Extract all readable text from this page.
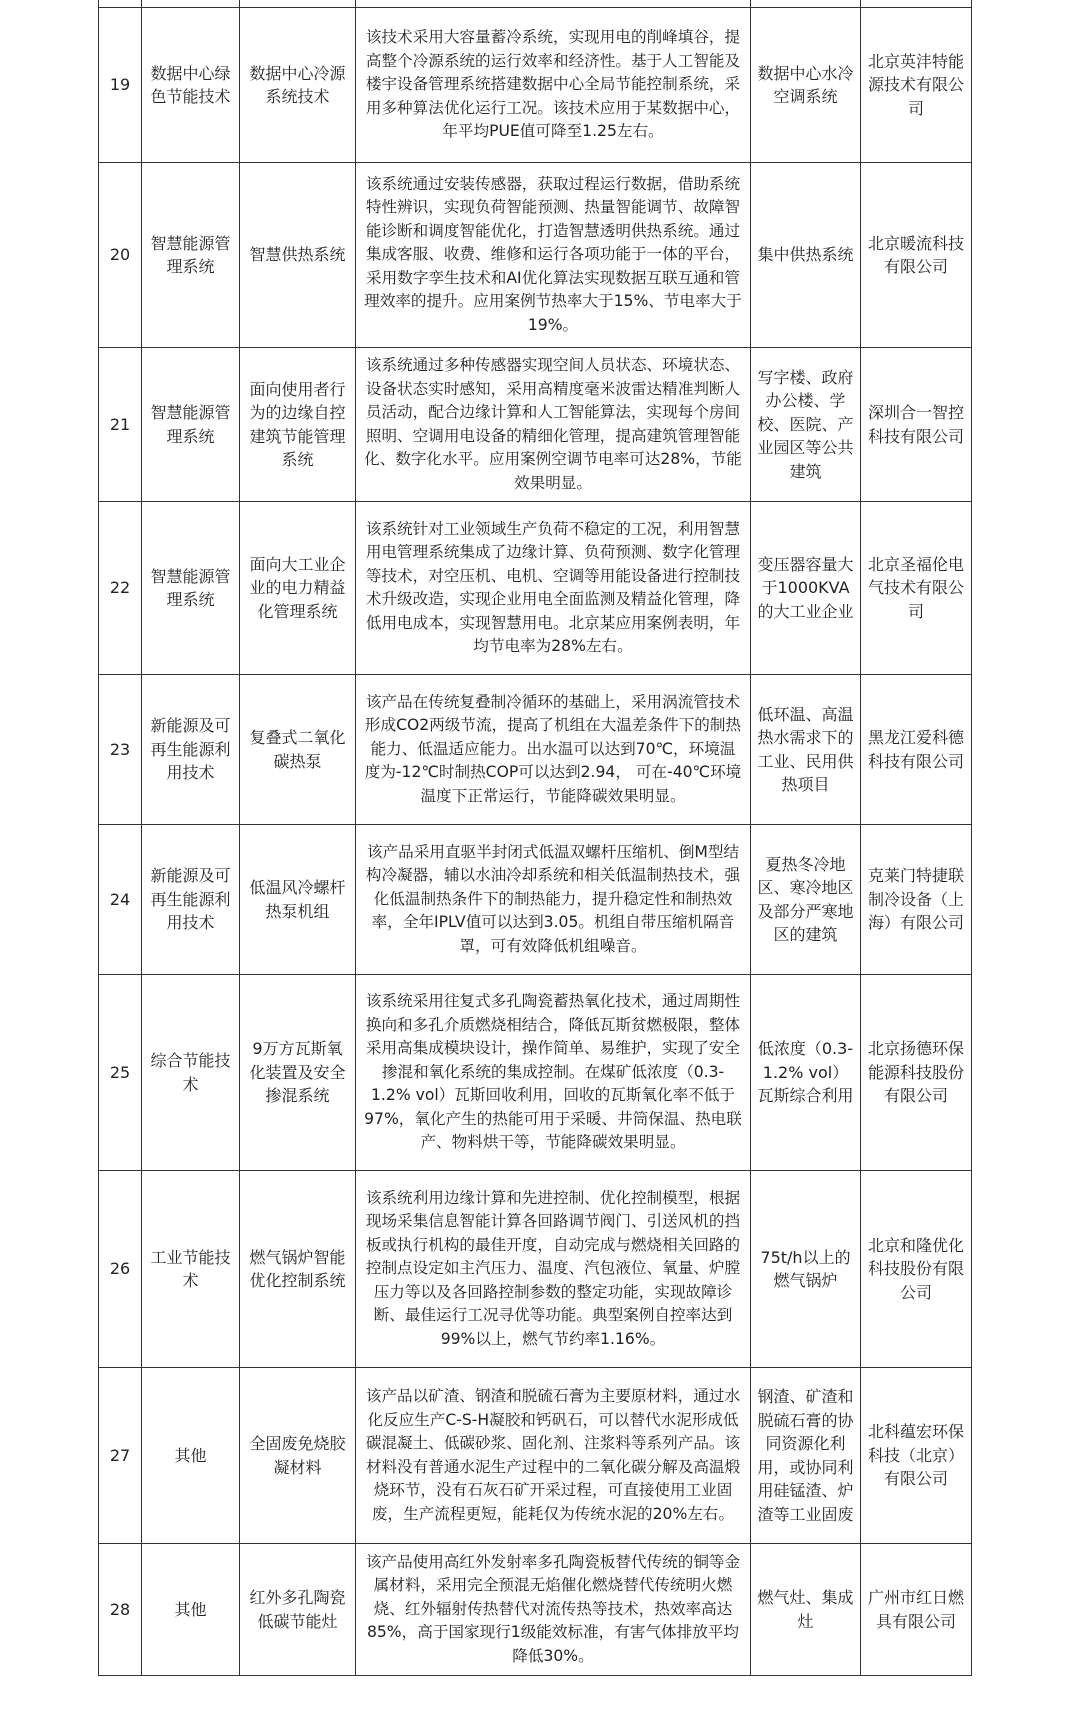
19	数据中心绿色节能技术	数据中心冷源系统技术	该技术采用大容量蓄冷系统，实现用电的削峰填谷，提高整个冷源系统的运行效率和经济性。基于人工智能及楼宇设备管理系统搭建数据中心全局节能控制系统，采用多种算法优化运行工况。该技术应用于某数据中心，年平均PUE值可降至1.25左右。	数据中心水冷空调系统	北京英沣特能源技术有限公司
20	智慧能源管理系统	智慧供热系统	该系统通过安装传感器，获取过程运行数据，借助系统特性辨识，实现负荷智能预测、热量智能调节、故障智能诊断和调度智能优化，打造智慧透明供热系统。通过集成客服、收费、维修和运行各项功能于一体的平台，采用数字孪生技术和AI优化算法实现数据互联互通和管理效率的提升。应用案例节热率大于15%、节电率大于19%。	集中供热系统	北京暖流科技有限公司
21	智慧能源管理系统	面向使用者行为的边缘自控建筑节能管理系统	该系统通过多种传感器实现空间人员状态、环境状态、设备状态实时感知，采用高精度毫米波雷达精准判断人员活动，配合边缘计算和人工智能算法，实现每个房间照明、空调用电设备的精细化管理，提高建筑管理智能化、数字化水平。应用案例空调节电率可达28%，节能效果明显。	写字楼、政府办公楼、学校、医院、产业园区等公共建筑	深圳合一智控科技有限公司
22	智慧能源管理系统	面向大工业企业的电力精益化管理系统	该系统针对工业领域生产负荷不稳定的工况，利用智慧用电管理系统集成了边缘计算、负荷预测、数字化管理等技术，对空压机、电机、空调等用能设备进行控制技术升级改造，实现企业用电全面监测及精益化管理，降低用电成本，实现智慧用电。北京某应用案例表明，年均节电率为28%左右。	变压器容量大于1000KVA的大工业企业	北京圣福伦电气技术有限公司
23	新能源及可再生能源利用技术	复叠式二氧化碳热泵	该产品在传统复叠制冷循环的基础上，采用涡流管技术形成CO2两级节流，提高了机组在大温差条件下的制热能力、低温适应能力。出水温可以达到70℃，环境温度为-12℃时制热COP可以达到2.94， 可在-40℃环境温度下正常运行，节能降碳效果明显。	低环温、高温热水需求下的工业、民用供热项目	黑龙江爱科德科技有限公司
24	新能源及可再生能源利用技术	低温风冷螺杆热泵机组	该产品采用直驱半封闭式低温双螺杆压缩机、倒M型结构冷凝器，辅以水油冷却系统和相关低温制热技术，强化低温制热条件下的制热能力，提升稳定性和制热效率，全年IPLV值可以达到3.05。机组自带压缩机隔音罩，可有效降低机组噪音。	夏热冬冷地区、寒冷地区及部分严寒地区的建筑	克莱门特捷联制冷设备（上海）有限公司
25	综合节能技术	9万方瓦斯氧化装置及安全掺混系统	该系统采用往复式多孔陶瓷蓄热氧化技术，通过周期性换向和多孔介质燃烧相结合，降低瓦斯贫燃极限，整体采用高集成模块设计，操作简单、易维护，实现了安全掺混和氧化系统的集成控制。在煤矿低浓度（0.3-1.2% vol）瓦斯回收利用，回收的瓦斯氧化率不低于97%，氧化产生的热能可用于采暖、井筒保温、热电联产、物料烘干等，节能降碳效果明显。	低浓度（0.3-1.2% vol）瓦斯综合利用	北京扬德环保能源科技股份有限公司
26	工业节能技术	燃气锅炉智能优化控制系统	该系统利用边缘计算和先进控制、优化控制模型，根据现场采集信息智能计算各回路调节阀门、引送风机的挡板或执行机构的最佳开度，自动完成与燃烧相关回路的控制点设定如主汽压力、温度、汽包液位、氧量、炉膛压力等以及各回路控制参数的整定功能，实现故障诊断、最佳运行工况寻优等功能。典型案例自控率达到99%以上，燃气节约率1.16%。	75t/h以上的燃气锅炉	北京和隆优化科技股份有限公司
27	其他	全固废免烧胶凝材料	该产品以矿渣、钢渣和脱硫石膏为主要原材料，通过水化反应生产C-S-H凝胶和钙矾石，可以替代水泥形成低碳混凝土、低碳砂浆、固化剂、注浆料等系列产品。该材料没有普通水泥生产过程中的二氧化碳分解及高温煅烧环节，没有石灰石矿开采过程，可直接使用工业固废，生产流程更短，能耗仅为传统水泥的20%左右。	钢渣、矿渣和脱硫石膏的协同资源化利用，或协同利用硅锰渣、炉渣等工业固废	北科蕴宏环保科技（北京）有限公司
28	其他	红外多孔陶瓷低碳节能灶	该产品使用高红外发射率多孔陶瓷板替代传统的铜等金属材料，采用完全预混无焰催化燃烧替代传统明火燃烧、红外辐射传热替代对流传热等技术，热效率高达85%，高于国家现行1级能效标准，有害气体排放平均降低30%。	燃气灶、集成灶	广州市红日燃具有限公司
